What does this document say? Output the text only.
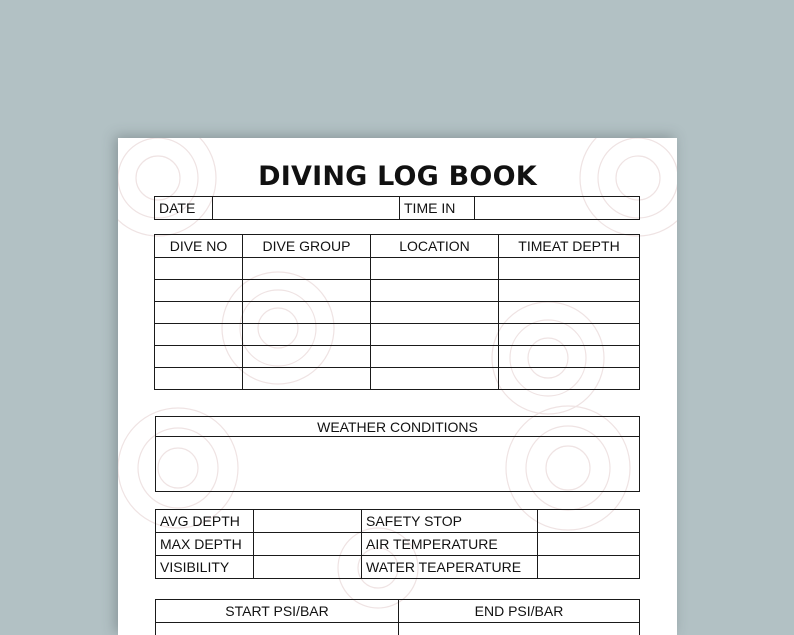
DIVING LOG BOOK
DATE		TIME IN	
DIVE NO	DIVE GROUP	LOCATION	TIMEAT DEPTH

WEATHER CONDITIONS

AVG DEPTH		SAFETY STOP	
MAX DEPTH		AIR TEMPERATURE	
VISIBILITY		WATER TEAPERATURE	
START PSI/BAR	END PSI/BAR
